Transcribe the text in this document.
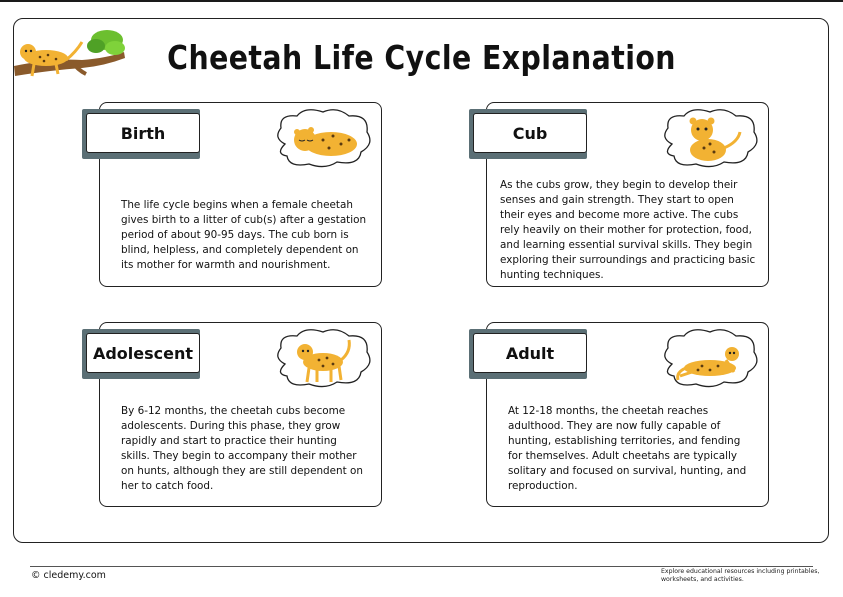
Cheetah Life Cycle Explanation
Birth
The life cycle begins when a female cheetah gives birth to a litter of cub(s) after a gestation period of about 90-95 days. The cub born is blind, helpless, and completely dependent on its mother for warmth and nourishment.
Cub
As the cubs grow, they begin to develop their senses and gain strength. They start to open their eyes and become more active. The cubs rely heavily on their mother for protection, food, and learning essential survival skills. They begin exploring their surroundings and practicing basic hunting techniques.
Adolescent
By 6-12 months, the cheetah cubs become adolescents. During this phase, they grow rapidly and start to practice their hunting skills. They begin to accompany their mother on hunts, although they are still dependent on her to catch food.
Adult
At 12-18 months, the cheetah reaches adulthood. They are now fully capable of hunting, establishing territories, and fending for themselves. Adult cheetahs are typically solitary and focused on survival, hunting, and reproduction.
© cledemy.com	Explore educational resources including printables, worksheets, and activities.
